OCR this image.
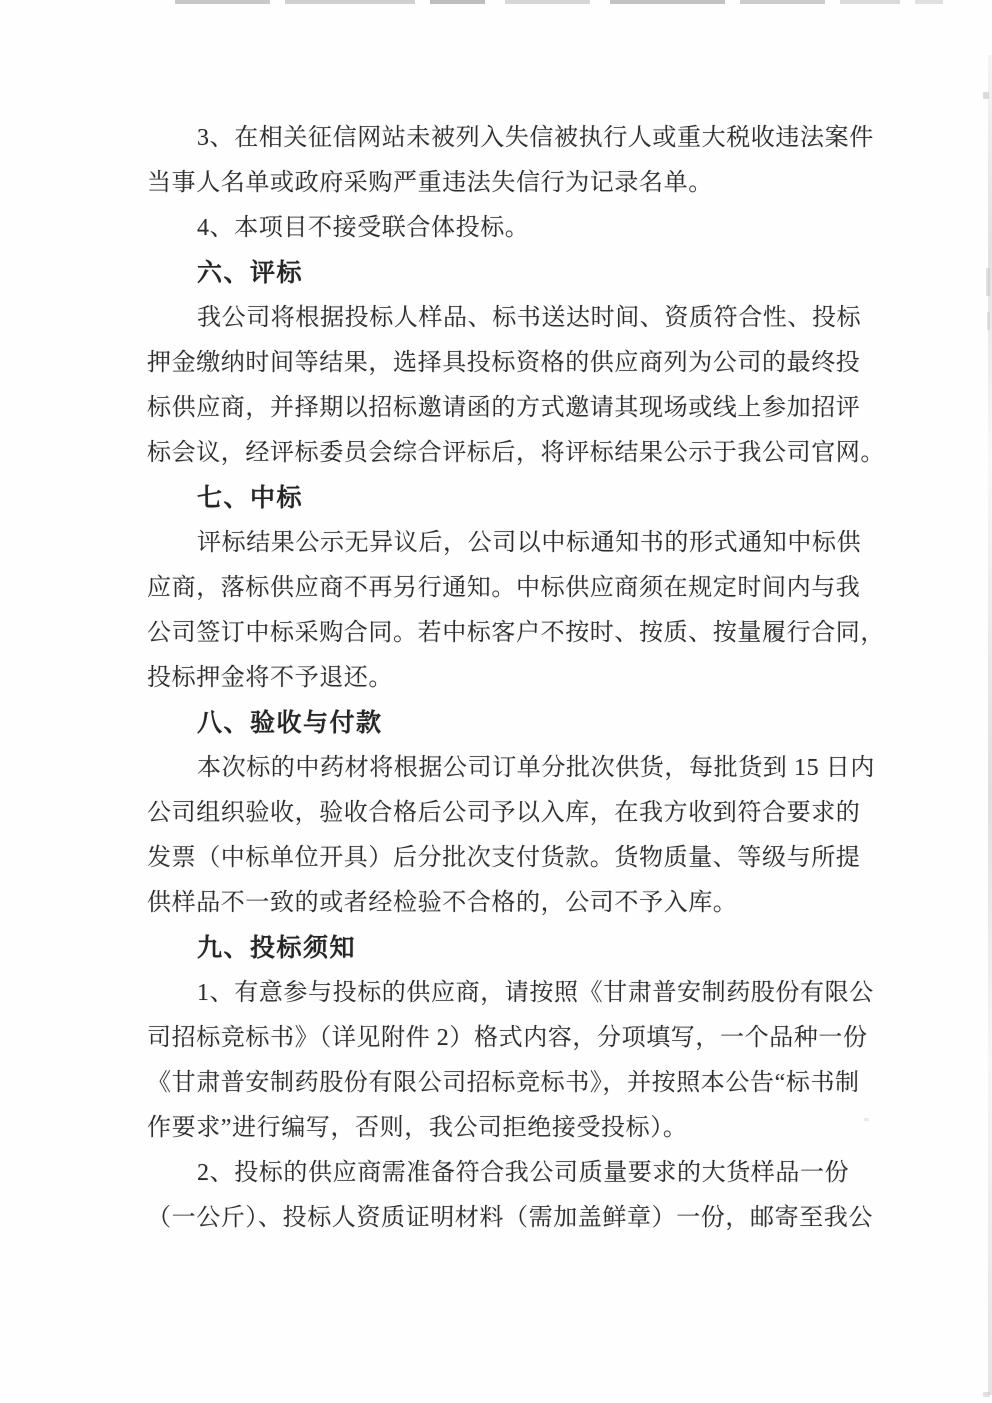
3、在相关征信网站未被列入失信被执行人或重大税收违法案件
当事人名单或政府采购严重违法失信行为记录名单。
4、本项目不接受联合体投标。
六、评标
我公司将根据投标人样品、标书送达时间、资质符合性、投标
押金缴纳时间等结果，选择具投标资格的供应商列为公司的最终投
标供应商，并择期以招标邀请函的方式邀请其现场或线上参加招评
标会议，经评标委员会综合评标后，将评标结果公示于我公司官网。
七、中标
评标结果公示无异议后，公司以中标通知书的形式通知中标供
应商，落标供应商不再另行通知。中标供应商须在规定时间内与我
公司签订中标采购合同。若中标客户不按时、按质、按量履行合同，
投标押金将不予退还。
八、验收与付款
本次标的中药材将根据公司订单分批次供货，每批货到 15 日内
公司组织验收，验收合格后公司予以入库，在我方收到符合要求的
发票（中标单位开具）后分批次支付货款。货物质量、等级与所提
供样品不一致的或者经检验不合格的，公司不予入库。
九、投标须知
1、有意参与投标的供应商，请按照《甘肃普安制药股份有限公
司招标竞标书》（详见附件 2）格式内容，分项填写，一个品种一份
《甘肃普安制药股份有限公司招标竞标书》，并按照本公告“标书制
作要求”进行编写，否则，我公司拒绝接受投标）。
2、投标的供应商需准备符合我公司质量要求的大货样品一份
（一公斤）、投标人资质证明材料（需加盖鲜章）一份，邮寄至我公
